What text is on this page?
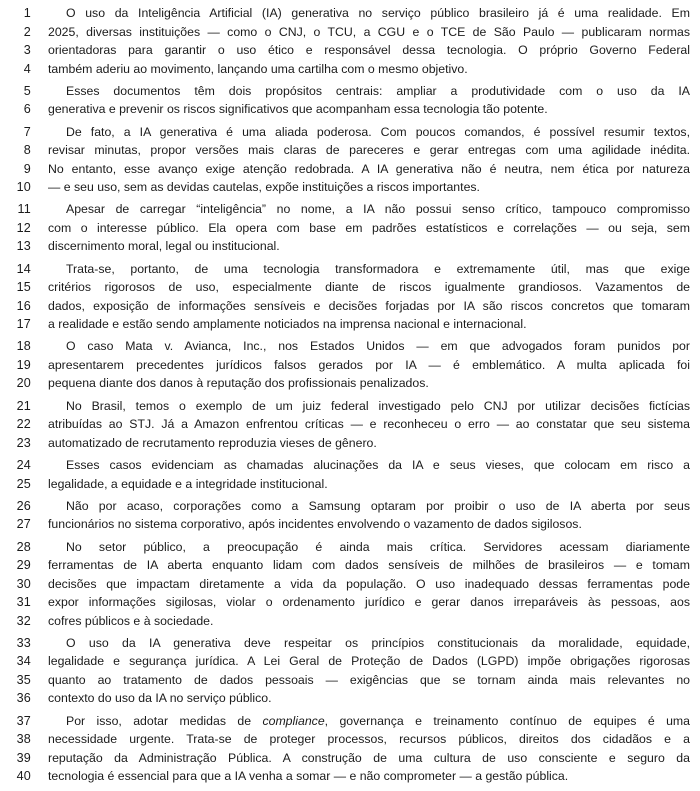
1	O uso da Inteligência Artificial (IA) generativa no serviço público brasileiro já é uma realidade. Em
2 2025, diversas instituições — como o CNJ, o TCU, a CGU e o TCE de São Paulo — publicaram normas
3 orientadoras para garantir o uso ético e responsável dessa tecnologia. O próprio Governo Federal
4 também aderiu ao movimento, lançando uma cartilha com o mesmo objetivo.
5	Esses documentos têm dois propósitos centrais: ampliar a produtividade com o uso da IA
6 generativa e prevenir os riscos significativos que acompanham essa tecnologia tão potente.
7	De fato, a IA generativa é uma aliada poderosa. Com poucos comandos, é possível resumir textos,
8 revisar minutas, propor versões mais claras de pareceres e gerar entregas com uma agilidade inédita.
9 No entanto, esse avanço exige atenção redobrada. A IA generativa não é neutra, nem ética por natureza
10 — e seu uso, sem as devidas cautelas, expõe instituições a riscos importantes.
11	Apesar de carregar “inteligência” no nome, a IA não possui senso crítico, tampouco compromisso
12 com o interesse público. Ela opera com base em padrões estatísticos e correlações — ou seja, sem
13 discernimento moral, legal ou institucional.
14	Trata-se, portanto, de uma tecnologia transformadora e extremamente útil, mas que exige
15 critérios rigorosos de uso, especialmente diante de riscos igualmente grandiosos. Vazamentos de
16 dados, exposição de informações sensíveis e decisões forjadas por IA são riscos concretos que tomaram
17 a realidade e estão sendo amplamente noticiados na imprensa nacional e internacional.
18	O caso Mata v. Avianca, Inc., nos Estados Unidos — em que advogados foram punidos por
19 apresentarem precedentes jurídicos falsos gerados por IA — é emblemático. A multa aplicada foi
20 pequena diante dos danos à reputação dos profissionais penalizados.
21	No Brasil, temos o exemplo de um juiz federal investigado pelo CNJ por utilizar decisões fictícias
22 atribuídas ao STJ. Já a Amazon enfrentou críticas — e reconheceu o erro — ao constatar que seu sistema
23 automatizado de recrutamento reproduzia vieses de gênero.
24	Esses casos evidenciam as chamadas alucinações da IA e seus vieses, que colocam em risco a
25 legalidade, a equidade e a integridade institucional.
26	Não por acaso, corporações como a Samsung optaram por proibir o uso de IA aberta por seus
27 funcionários no sistema corporativo, após incidentes envolvendo o vazamento de dados sigilosos.
28	No setor público, a preocupação é ainda mais crítica. Servidores acessam diariamente
29 ferramentas de IA aberta enquanto lidam com dados sensíveis de milhões de brasileiros — e tomam
30 decisões que impactam diretamente a vida da população. O uso inadequado dessas ferramentas pode
31 expor informações sigilosas, violar o ordenamento jurídico e gerar danos irreparáveis às pessoas, aos
32 cofres públicos e à sociedade.
33	O uso da IA generativa deve respeitar os princípios constitucionais da moralidade, equidade,
34 legalidade e segurança jurídica. A Lei Geral de Proteção de Dados (LGPD) impõe obrigações rigorosas
35 quanto ao tratamento de dados pessoais — exigências que se tornam ainda mais relevantes no
36 contexto do uso da IA no serviço público.
37	Por isso, adotar medidas de compliance, governança e treinamento contínuo de equipes é uma
38 necessidade urgente. Trata-se de proteger processos, recursos públicos, direitos dos cidadãos e a
39 reputação da Administração Pública. A construção de uma cultura de uso consciente e seguro da
40 tecnologia é essencial para que a IA venha a somar — e não comprometer — a gestão pública.
